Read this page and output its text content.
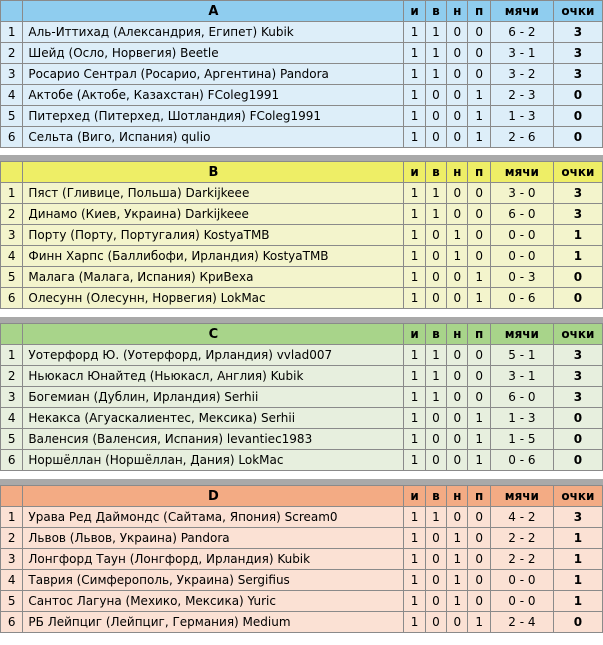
	A	и	в	н	п	мячи	очки
1	Аль-Иттихад (Александрия, Египет) Kubik	1	1	0	0	6 - 2	3
2	Шейд (Осло, Норвегия) Beetle	1	1	0	0	3 - 1	3
3	Росарио Сентрал (Росарио, Аргентина) Pandora	1	1	0	0	3 - 2	3
4	Актобе (Актобе, Казахстан) FColeg1991	1	0	0	1	2 - 3	0
5	Питерхед (Питерхед, Шотландия) FColeg1991	1	0	0	1	1 - 3	0
6	Сельта (Виго, Испания) qulio	1	0	0	1	2 - 6	0
	B	и	в	н	п	мячи	очки
1	Пяст (Гливице, Польша) Darkijkeee	1	1	0	0	3 - 0	3
2	Динамо (Киев, Украина) Darkijkeee	1	1	0	0	6 - 0	3
3	Порту (Порту, Португалия) KostyaTMB	1	0	1	0	0 - 0	1
4	Финн Харпс (Баллибофи, Ирландия) KostyaTMB	1	0	1	0	0 - 0	1
5	Малага (Малага, Испания) КриВеха	1	0	0	1	0 - 3	0
6	Олесунн (Олесунн, Норвегия) LokMac	1	0	0	1	0 - 6	0
	C	и	в	н	п	мячи	очки
1	Уотерфорд Ю. (Уотерфорд, Ирландия) vvlad007	1	1	0	0	5 - 1	3
2	Ньюкасл Юнайтед (Ньюкасл, Англия) Kubik	1	1	0	0	3 - 1	3
3	Богемиан (Дублин, Ирландия) Serhii	1	1	0	0	6 - 0	3
4	Некакса (Агуаскалиентес, Мексика) Serhii	1	0	0	1	1 - 3	0
5	Валенсия (Валенсия, Испания) levantiec1983	1	0	0	1	1 - 5	0
6	Норшёллан (Норшёллан, Дания) LokMac	1	0	0	1	0 - 6	0
	D	и	в	н	п	мячи	очки
1	Урава Ред Даймондс (Сайтама, Япония) Scream0	1	1	0	0	4 - 2	3
2	Львов (Львов, Украина) Pandora	1	0	1	0	2 - 2	1
3	Лонгфорд Таун (Лонгфорд, Ирландия) Kubik	1	0	1	0	2 - 2	1
4	Таврия (Симферополь, Украина) Sergifius	1	0	1	0	0 - 0	1
5	Сантос Лагуна (Мехико, Мексика) Yuric	1	0	1	0	0 - 0	1
6	РБ Лейпциг (Лейпциг, Германия) Medium	1	0	0	1	2 - 4	0
